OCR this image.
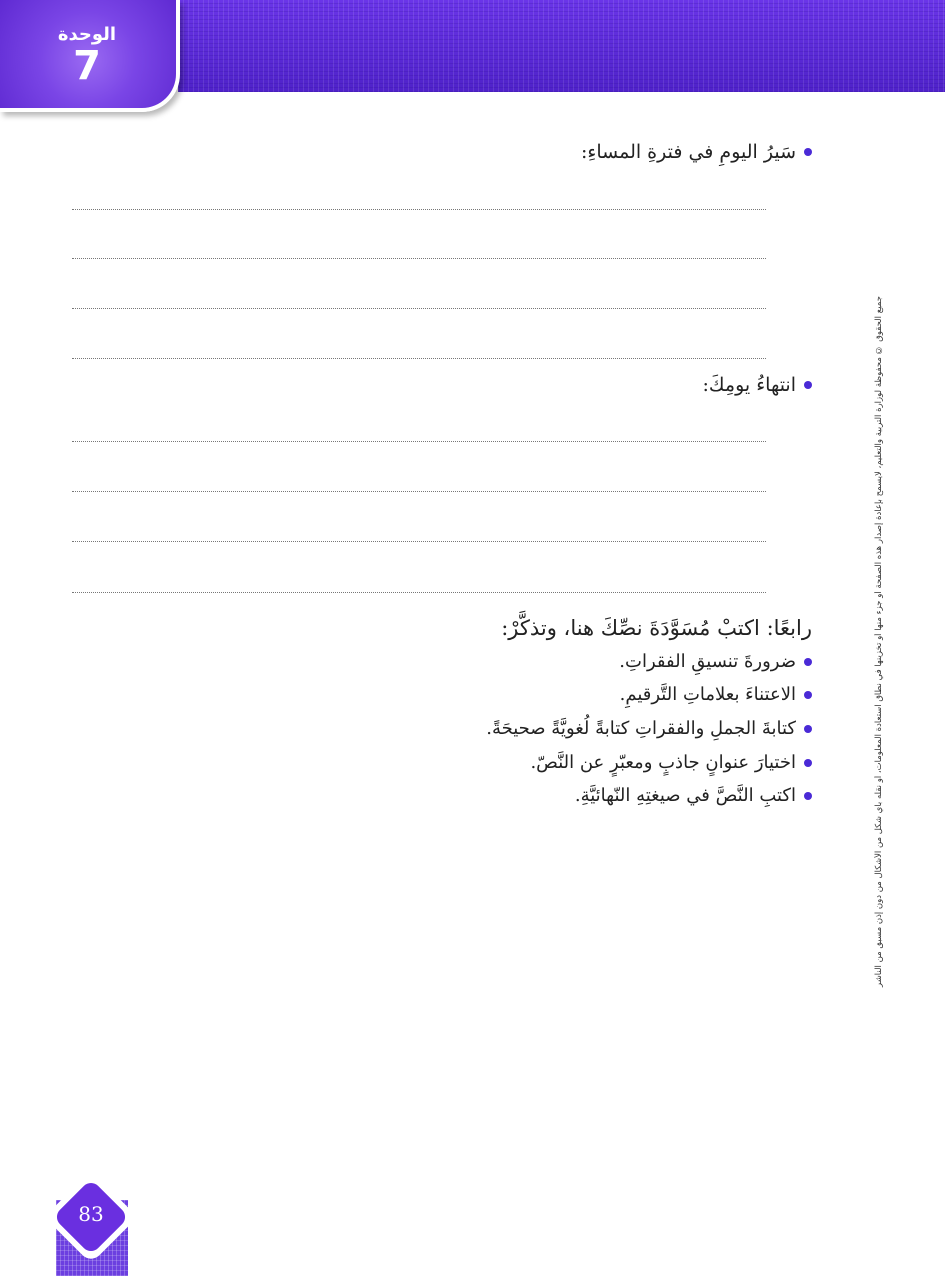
الوحدة
7
سَيرُ اليومِ في فترةِ المساءِ:
انتهاءُ يومِكَ:
رابعًا: اكتبْ مُسَوَّدَةَ نصِّكَ هنا، وتذكَّرْ:
ضرورةَ تنسيقِ الفقراتِ.
الاعتناءَ بعلاماتِ التَّرقيمِ.
كتابةَ الجملِ والفقراتِ كتابةً لُغويَّةً صحيحَةً.
اختيارَ عنوانٍ جاذبٍ ومعبّرٍ عن النَّصّ.
اكتبِ النَّصَّ في صيغتِهِ النّهائيَّةِ.	جميع الحقوق © محفوظة لوزارة التربية والتعليم، لايسمح بإعادة إصدار هذه الصفحة أو جزء منها أو تخزينها في نطاق استعادة المعلومات، أو نقله بأي شكل من الأشكال من دون إذن مسبق من الناشر
83
